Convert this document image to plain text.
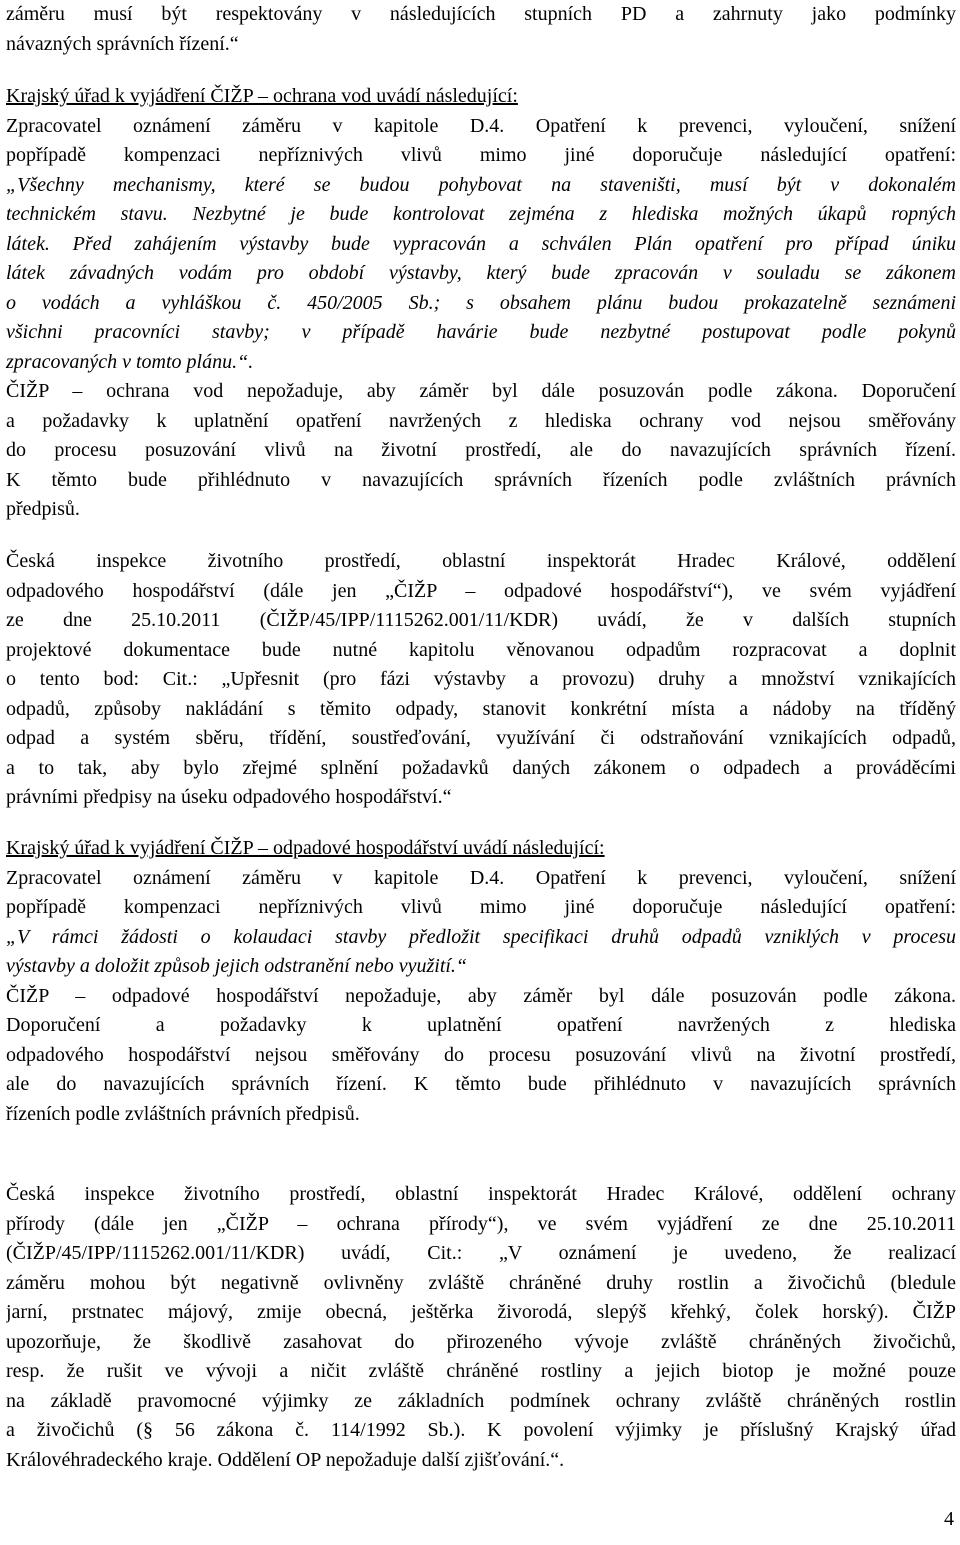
záměru musí být respektovány v následujících stupních PD a zahrnuty jako podmínky
návazných správních řízení.“
Krajský úřad k vyjádření ČIŽP – ochrana vod uvádí následující:
Zpracovatel oznámení záměru v kapitole D.4. Opatření k prevenci, vyloučení, snížení
popřípadě kompenzaci nepříznivých vlivů mimo jiné doporučuje následující opatření:
„Všechny mechanismy, které se budou pohybovat na staveništi, musí být v dokonalém
technickém stavu. Nezbytné je bude kontrolovat zejména z hlediska možných úkapů ropných
látek. Před zahájením výstavby bude vypracován a schválen Plán opatření pro případ úniku
látek závadných vodám pro období výstavby, který bude zpracován v souladu se zákonem
o vodách a vyhláškou č. 450/2005 Sb.; s obsahem plánu budou prokazatelně seznámeni
všichni pracovníci stavby; v případě havárie bude nezbytné postupovat podle pokynů
zpracovaných v tomto plánu.“.
ČIŽP – ochrana vod nepožaduje, aby záměr byl dále posuzován podle zákona. Doporučení
a požadavky k uplatnění opatření navržených z hlediska ochrany vod nejsou směřovány
do procesu posuzování vlivů na životní prostředí, ale do navazujících správních řízení.
K těmto bude přihlédnuto v navazujících správních řízeních podle zvláštních právních
předpisů.
Česká inspekce životního prostředí, oblastní inspektorát Hradec Králové, oddělení
odpadového hospodářství (dále jen „ČIŽP – odpadové hospodářství“), ve svém vyjádření
ze dne 25.10.2011 (ČIŽP/45/IPP/1115262.001/11/KDR) uvádí, že v dalších stupních
projektové dokumentace bude nutné kapitolu věnovanou odpadům rozpracovat a doplnit
o tento bod: Cit.: „Upřesnit (pro fázi výstavby a provozu) druhy a množství vznikajících
odpadů, způsoby nakládání s těmito odpady, stanovit konkrétní místa a nádoby na tříděný
odpad a systém sběru, třídění, soustřeďování, využívání či odstraňování vznikajících odpadů,
a to tak, aby bylo zřejmé splnění požadavků daných zákonem o odpadech a prováděcími
právními předpisy na úseku odpadového hospodářství.“
Krajský úřad k vyjádření ČIŽP – odpadové hospodářství uvádí následující:
Zpracovatel oznámení záměru v kapitole D.4. Opatření k prevenci, vyloučení, snížení
popřípadě kompenzaci nepříznivých vlivů mimo jiné doporučuje následující opatření:
„V rámci žádosti o kolaudaci stavby předložit specifikaci druhů odpadů vzniklých v procesu
výstavby a doložit způsob jejich odstranění nebo využití.“
ČIŽP – odpadové hospodářství nepožaduje, aby záměr byl dále posuzován podle zákona.
Doporučení a požadavky k uplatnění opatření navržených z hlediska
odpadového hospodářství nejsou směřovány do procesu posuzování vlivů na životní prostředí,
ale do navazujících správních řízení. K těmto bude přihlédnuto v navazujících správních
řízeních podle zvláštních právních předpisů.
Česká inspekce životního prostředí, oblastní inspektorát Hradec Králové, oddělení ochrany
přírody (dále jen „ČIŽP – ochrana přírody“), ve svém vyjádření ze dne 25.10.2011
(ČIŽP/45/IPP/1115262.001/11/KDR) uvádí, Cit.: „V oznámení je uvedeno, že realizací
záměru mohou být negativně ovlivněny zvláště chráněné druhy rostlin a živočichů (bledule
jarní, prstnatec májový, zmije obecná, ještěrka živorodá, slepýš křehký, čolek horský). ČIŽP
upozorňuje, že škodlivě zasahovat do přirozeného vývoje zvláště chráněných živočichů,
resp. že rušit ve vývoji a ničit zvláště chráněné rostliny a jejich biotop je možné pouze
na základě pravomocné výjimky ze základních podmínek ochrany zvláště chráněných rostlin
a živočichů (§ 56 zákona č. 114/1992 Sb.). K povolení výjimky je příslušný Krajský úřad
Královéhradeckého kraje. Oddělení OP nepožaduje další zjišťování.“.
4
